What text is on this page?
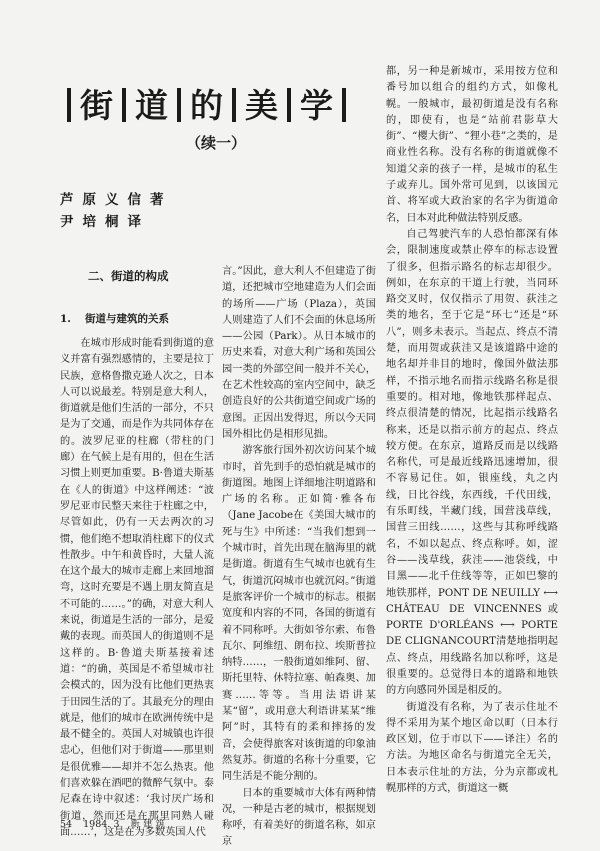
街 道 的 美 学
（续一）
芦原义信著
尹培桐译
二、街道的构成
1. 街道与建筑的关系

在城市形成时能看到街道的意义并富有强烈感情的，主要是拉丁民族，意格鲁撒克逊人次之，日本人可以说最差。特别是意大利人，街道就是他们生活的一部分，不只是为了交通，而是作为共同体存在的。波罗尼亚的柱廊（带柱的门廊）在气候上是有用的，但在生活习惯上则更加重要。B·鲁道夫斯基在《人的街道》中这样阐述：“波罗尼亚市民整天来往于柱廊之中，尽管如此，仍有一天去两次的习惯，他们绝不想取消柱廊下的仪式性散步。中午和黄昏时，大量人流在这个最大的城市走廊上来回地溜弯，这时充要是不遇上朋友简直是不可能的……。”的确，对意大利人来说，街道是生活的一部分，是爱戴的表现。而英国人的街道则不是这样的。B·鲁道夫斯基接着述道：“的确，英国是不希望城市社会模式的，因为没有比他们更热衷于田园生活的了。其最充分的理由就是，他们的城市在欧洲传统中是最不健全的。英国人对城镇也许很忠心，但他们对于街道——那里则是很优雅——却并不怎么热衷。他们喜欢躲在酒吧的微醉气氛中。泰尼森在诗中叙述：‘我讨厌广场和街道，然而还是在那里同熟人碰面……’，这是在为多数英国人代

言。”因此，意大利人不但建造了街道，还把城市空地建造为人们会面的场所——广场（Plaza），英国人则建造了人们不会面的休息场所——公园（Park）。从日本城市的历史来看，对意大利广场和英国公园一类的外部空间一般并不关心，在艺术性较高的室内空间中，缺乏创造良好的公共街道空间或广场的意图。正因出发得迟，所以今天同国外相比仍是相形见拙。

游客旅行国外初次访问某个城市时，首先到手的恐怕就是城市的街道图。地图上详细地注明道路和广场的名称。正如简·雅各布（Jane Jacobe在《美国大城市的死与生》中所述：“当我们想到一个城市时，首先出现在脑海里的就是街道。街道有生气城市也就有生气，街道沉闷城市也就沉闷。”街道是旅客评价一个城市的标志。根据宽度和内容的不同，各国的街道有着不同称呼。大街如爷尔索、布鲁瓦尔、阿维纽、朗布拉、埃斯普拉纳特……，一般街道如维阿、留、斯托里特、休特拉塞、帕森奥、加赛……等等。当用法语讲某某“留”，或用意大利语讲某某“维阿”时，其特有的柔和摔扬的发音，会使得旅客对该街道的印象油然复苏。街道的名称十分重要，它同生活是不能分割的。

日本的重要城市大体有两种情况，一种是古老的城市，根据规划称呼，有着美好的街道名称，如京京

都，另一种是新城市，采用按方位和番号加以组合的组约方式，如像札幌。一般城市，最初街道是没有名称的，即使有，也是“站前君影草大街”、“樱大街”、“狸小巷”之类的，是商业性名称。没有名称的街道就像不知道父亲的孩子一样，是城市的私生子或弃儿。国外常可见到，以该国元首、将军或大政治家的名字为街道命名，日本对此种做法特别反感。

自己驾驶汽车的人恐怕都深有体会，限制速度或禁止停车的标志设置了很多，但指示路名的标志却很少。例如，在东京的干道上行驶，当同环路交叉时，仅仅指示了用贺、荻洼之类的地名，至于它是“环七”还是“环八”，则多未表示。当起点、终点不清楚，而用贺或荻洼又是该道路中途的地名却并非目的地时，像国外做法那样，不指示地名而指示线路名称是很重要的。相对地，像地铁那样起点、终点很清楚的情况，比起指示线路名称来，还是以指示前方的起点、终点较方便。在东京，道路反而是以线路名称代，可是最近线路迅速增加，很不容易记住。如，银座线，丸之内线，日比谷线，东西线，千代田线，有乐町线，半藏门线，国营浅草线，国营三田线……，这些与其称呼线路名，不如以起点、终点称呼。如，涩谷——浅草线，荻洼——池袋线，中目黑——北千住线等等，正如巴黎的地铁那样，PONT DE NEUILLY ⟷ CHÂTEAU DE VINCENNES或PORTE D'ORLÉANS ⟷ PORTE DE CLIGNANCOURT清楚地指明起点、终点，用线路名加以称呼，这是很重要的。总觉得日本的道路和地铁的方向感同外国是相反的。

街道没有名称，为了表示住址不得不采用为某个地区命以町（日本行政区划，位于市以下——译注）名的方法。为地区命名与街道完全无关，日本表示住址的方法，分为京都或札幌那样的方式，街道这一概

54 1984. 3 新 建 筑
